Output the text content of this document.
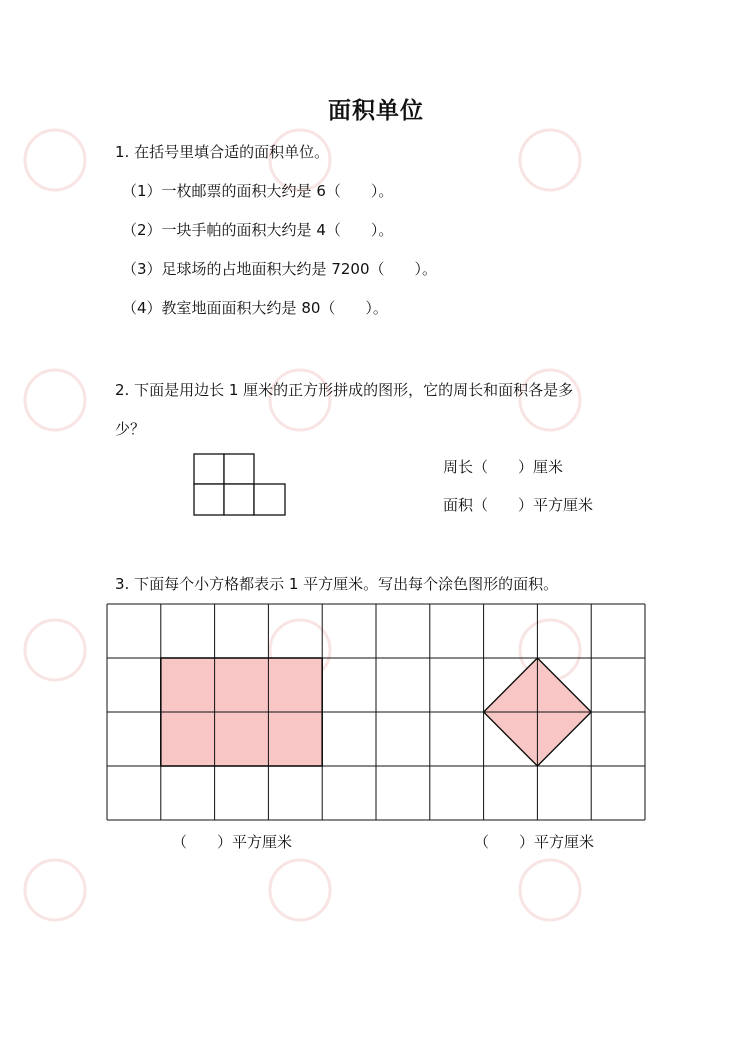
面积单位
1. 在括号里填合适的面积单位。
（1）一枚邮票的面积大约是 6（　　）。
（2）一块手帕的面积大约是 4（　　）。
（3）足球场的占地面积大约是 7200（　　）。
（4）教室地面面积大约是 80（　　）。
2. 下面是用边长 1 厘米的正方形拼成的图形，它的周长和面积各是多
少？
周长（　　）厘米
面积（　　）平方厘米
3. 下面每个小方格都表示 1 平方厘米。写出每个涂色图形的面积。
（　　）平方厘米	（　　）平方厘米
